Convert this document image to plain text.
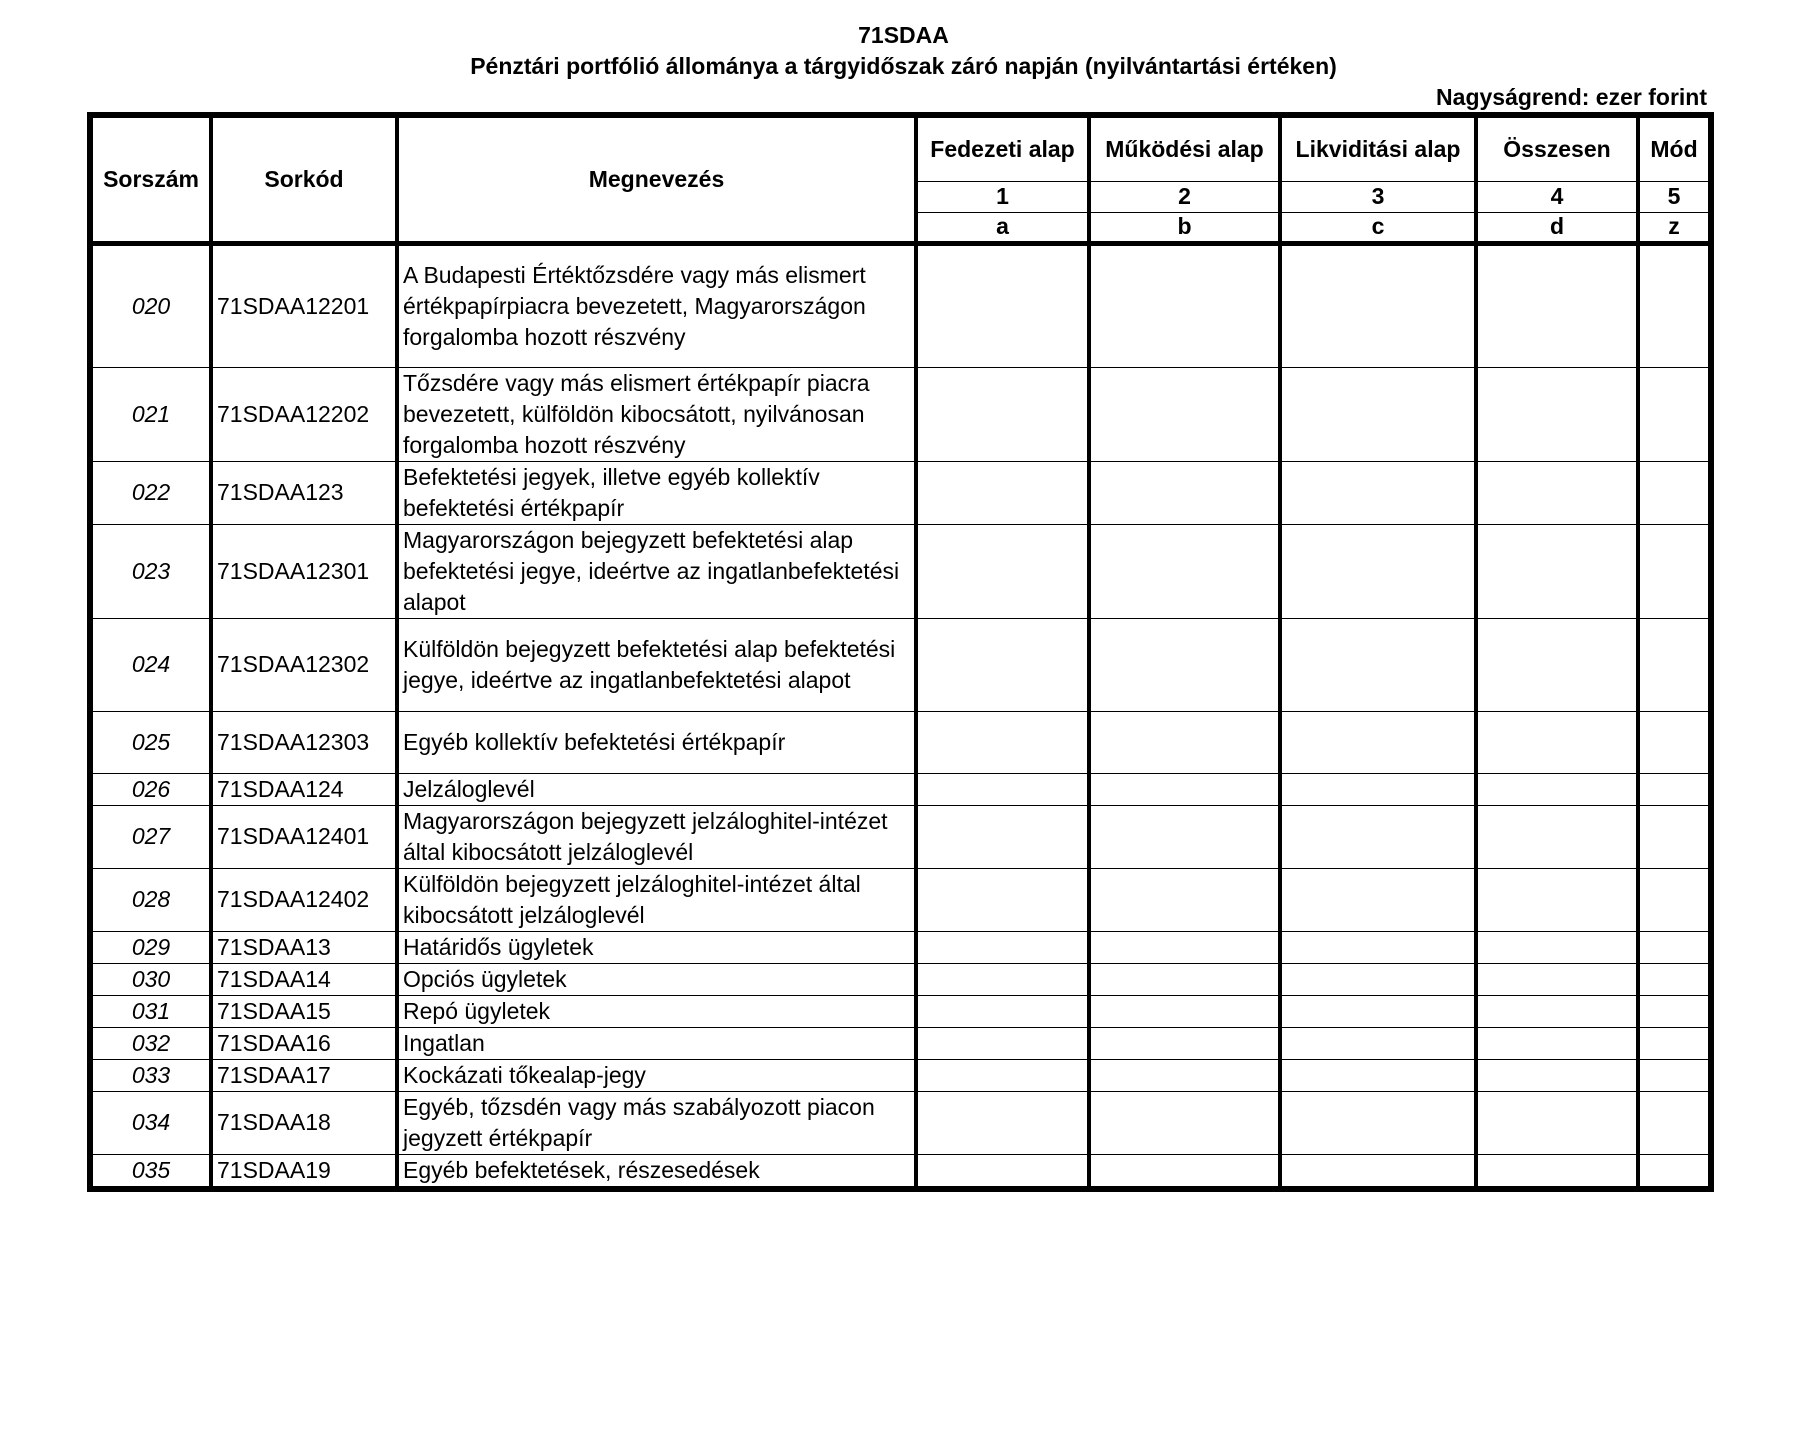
71SDAA
Pénztári portfólió állománya a tárgyidőszak záró napján (nyilvántartási értéken)
Nagyságrend: ezer forint
Sorszám	Sorkód	Megnevezés	Fedezeti alap	Működési alap	Likviditási alap	Összesen	Mód
			1	2	3	4	5
			a	b	c	d	z
020	71SDAA12201	A Budapesti Értéktőzsdére vagy más elismert értékpapírpiacra bevezetett, Magyarországon forgalomba hozott részvény					
021	71SDAA12202	Tőzsdére vagy más elismert értékpapír piacra bevezetett, külföldön kibocsátott, nyilvánosan forgalomba hozott részvény					
022	71SDAA123	Befektetési jegyek, illetve egyéb kollektív befektetési értékpapír					
023	71SDAA12301	Magyarországon bejegyzett befektetési alap befektetési jegye, ideértve az ingatlanbefektetési alapot					
024	71SDAA12302	Külföldön bejegyzett befektetési alap befektetési jegye, ideértve az ingatlanbefektetési alapot					
025	71SDAA12303	Egyéb kollektív befektetési értékpapír					
026	71SDAA124	Jelzáloglevél					
027	71SDAA12401	Magyarországon bejegyzett jelzáloghitel-intézet által kibocsátott jelzáloglevél					
028	71SDAA12402	Külföldön bejegyzett jelzáloghitel-intézet által kibocsátott jelzáloglevél					
029	71SDAA13	Határidős ügyletek					
030	71SDAA14	Opciós ügyletek					
031	71SDAA15	Repó ügyletek					
032	71SDAA16	Ingatlan					
033	71SDAA17	Kockázati tőkealap-jegy					
034	71SDAA18	Egyéb, tőzsdén vagy más szabályozott piacon jegyzett értékpapír					
035	71SDAA19	Egyéb befektetések, részesedések					
